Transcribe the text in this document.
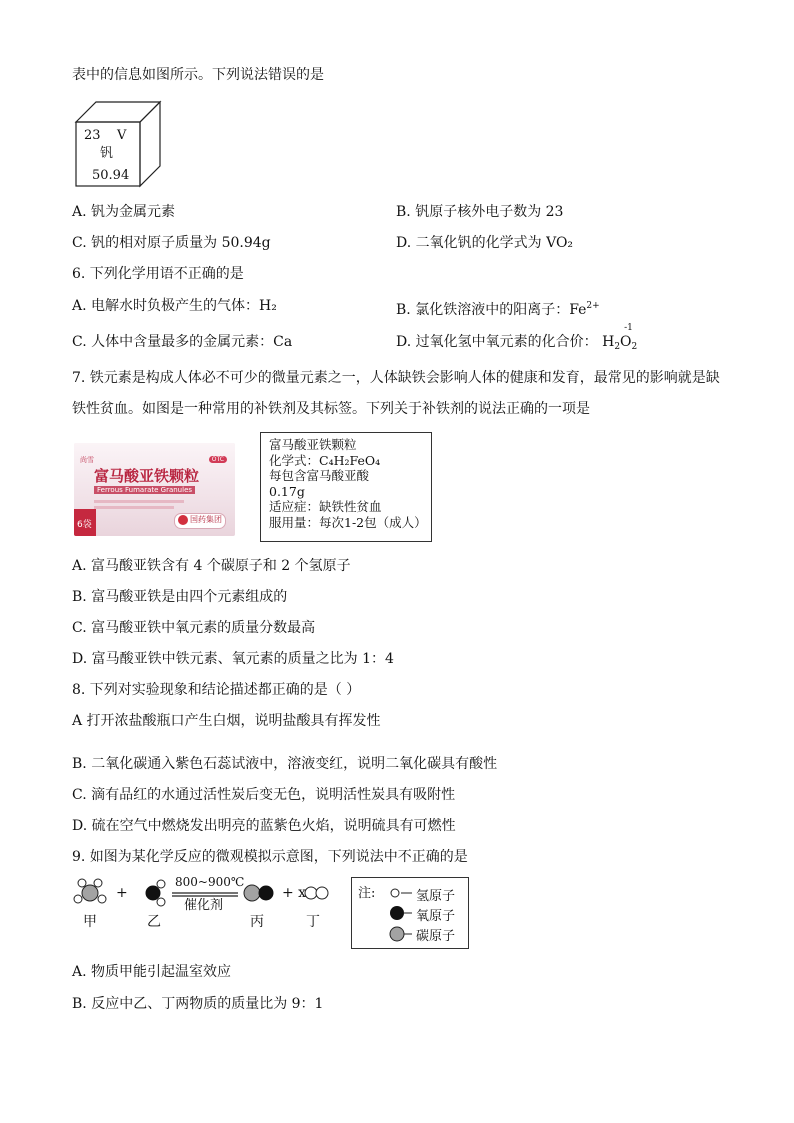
表中的信息如图所示。下列说法错误的是
23 V
钒
50.94
A. 钒为金属元素	B. 钒原子核外电子数为 23
C. 钒的相对原子质量为 50.94g	D. 二氧化钒的化学式为 VO₂
6. 下列化学用语不正确的是
A. 电解水时负极产生的气体：H₂	B. 氯化铁溶液中的阳离子：$Fe^{2+}$
C. 人体中含量最多的金属元素：Ca	D. 过氧化氢中氧元素的化合价：
-1
$H_2O_2$
7. 铁元素是构成人体必不可少的微量元素之一，人体缺铁会影响人体的健康和发育，最常见的影响就是缺
铁性贫血。如图是一种常用的补铁剂及其标签。下列关于补铁剂的说法正确的一项是
尚雪	OTC
富马酸亚铁颗粒
Ferrous Fumarate Granules
6袋
国药集团
富马酸亚铁颗粒
化学式：C₄H₂FeO₄
每包含富马酸亚酸
0.17g
适应症：缺铁性贫血
服用量：每次1-2包（成人）
A. 富马酸亚铁含有 4 个碳原子和 2 个氢原子
B. 富马酸亚铁是由四个元素组成的
C. 富马酸亚铁中氧元素的质量分数最高
D. 富马酸亚铁中铁元素、氧元素的质量之比为 1：4
8. 下列对实验现象和结论描述都正确的是（ ）
A 打开浓盐酸瓶口产生白烟，说明盐酸具有挥发性
B. 二氧化碳通入紫色石蕊试液中，溶液变红，说明二氧化碳具有酸性
C. 滴有品红的水通过活性炭后变无色，说明活性炭具有吸附性
D. 硫在空气中燃烧发出明亮的蓝紫色火焰，说明硫具有可燃性
9. 如图为某化学反应的微观模拟示意图，下列说法中不正确的是
+
800~900℃
催化剂
+ x
甲	乙	丙	丁
注:	氢原子
氧原子
碳原子
A. 物质甲能引起温室效应
B. 反应中乙、丁两物质的质量比为 9：1
